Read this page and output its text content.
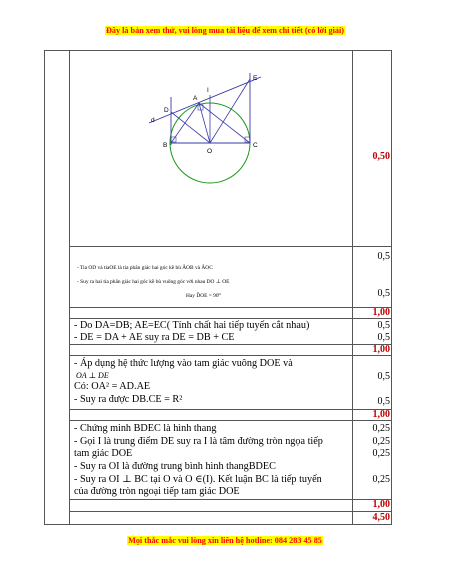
Đây là bản xem thử, vui lòng mua tài liệu để xem chi tiết (có lời giải)
I
E
A
D
d
B
O
C
0,50
- Tia OD và tiaOE là tia phân giác hai góc kề bù ÂOB và ÂOC
- Suy ra hai tia phân giác hai góc kề bù vuông góc với nhau DO ⊥ OE
Hay D̂OE = 90⁰
0,5
0,5
1,00
- Do DA=DB; AE=EC( Tính chất hai tiếp tuyến cắt nhau)
- DE = DA + AE suy ra DE = DB + CE
0,5
0,5
1,00
- Áp dụng hệ thức lượng vào tam giác vuông DOE và
OA ⊥ DE
Có: OA² = AD.AE
- Suy ra được DB.CE = R²
0,5
0,5
1,00
- Chứng minh BDEC là hình thang
- Gọi I là trung điểm DE suy ra I là tâm đường tròn ngọa tiếp
tam giác DOE
- Suy ra OI là đường trung bình hình thangBDEC
- Suy ra OI ⊥ BC tại O và O ∈(I). Kết luận BC là tiếp tuyến
của đường tròn ngoại tiếp tam giác DOE
0,25
0,25
0,25
0,25
1,00
4,50
Mọi thắc mắc vui lòng xin liên hệ hotline: 084 283 45 85
